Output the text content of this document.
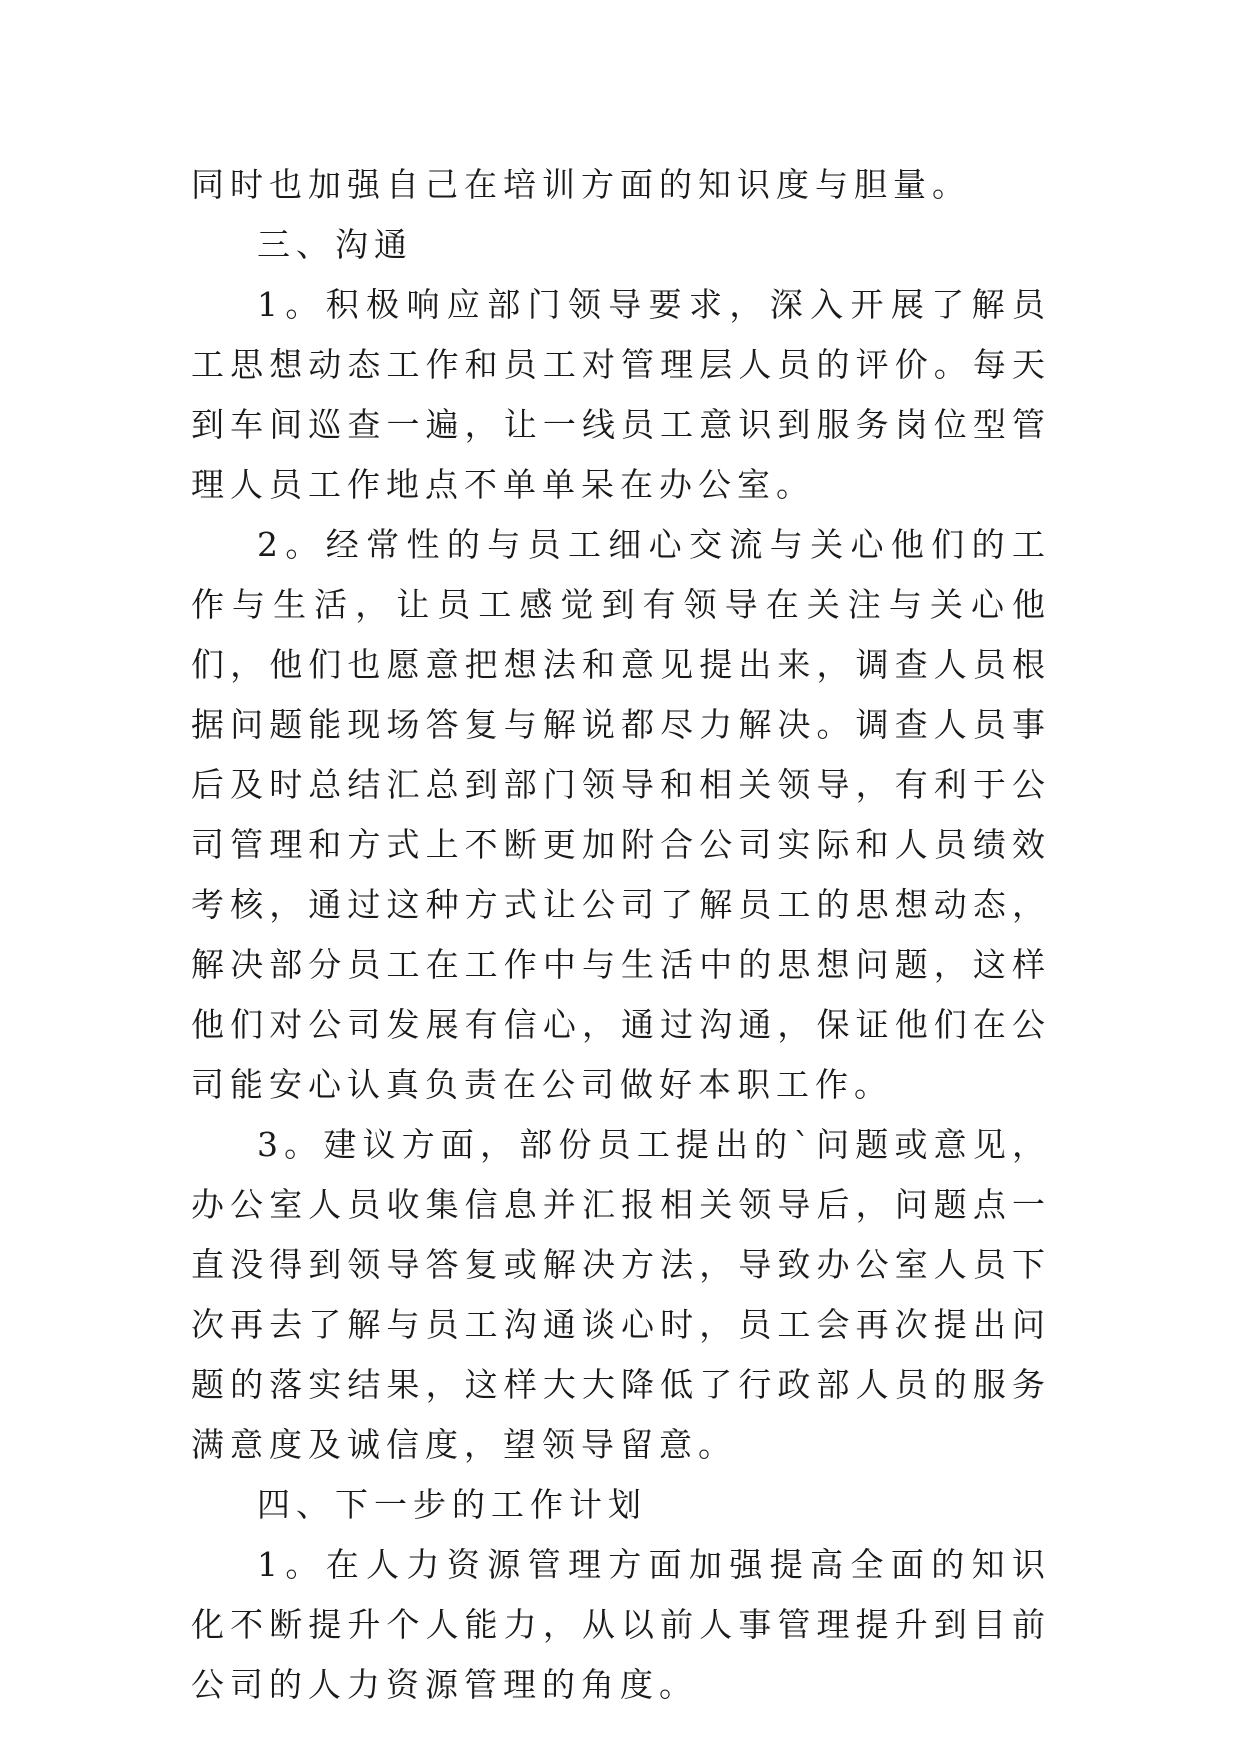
同时也加强自己在培训方面的知识度与胆量。

三、沟通

1。积极响应部门领导要求，深入开展了解员工思想动态工作和员工对管理层人员的评价。每天到车间巡查一遍，让一线员工意识到服务岗位型管理人员工作地点不单单呆在办公室。

2。经常性的与员工细心交流与关心他们的工作与生活，让员工感觉到有领导在关注与关心他们，他们也愿意把想法和意见提出来，调查人员根据问题能现场答复与解说都尽力解决。调查人员事后及时总结汇总到部门领导和相关领导，有利于公司管理和方式上不断更加附合公司实际和人员绩效考核，通过这种方式让公司了解员工的思想动态，解决部分员工在工作中与生活中的思想问题，这样他们对公司发展有信心，通过沟通，保证他们在公司能安心认真负责在公司做好本职工作。

3。建议方面，部份员工提出的`问题或意见，办公室人员收集信息并汇报相关领导后，问题点一直没得到领导答复或解决方法，导致办公室人员下次再去了解与员工沟通谈心时，员工会再次提出问题的落实结果，这样大大降低了行政部人员的服务满意度及诚信度，望领导留意。

四、下一步的工作计划

1。在人力资源管理方面加强提高全面的知识化不断提升个人能力，从以前人事管理提升到目前公司的人力资源管理的角度。
